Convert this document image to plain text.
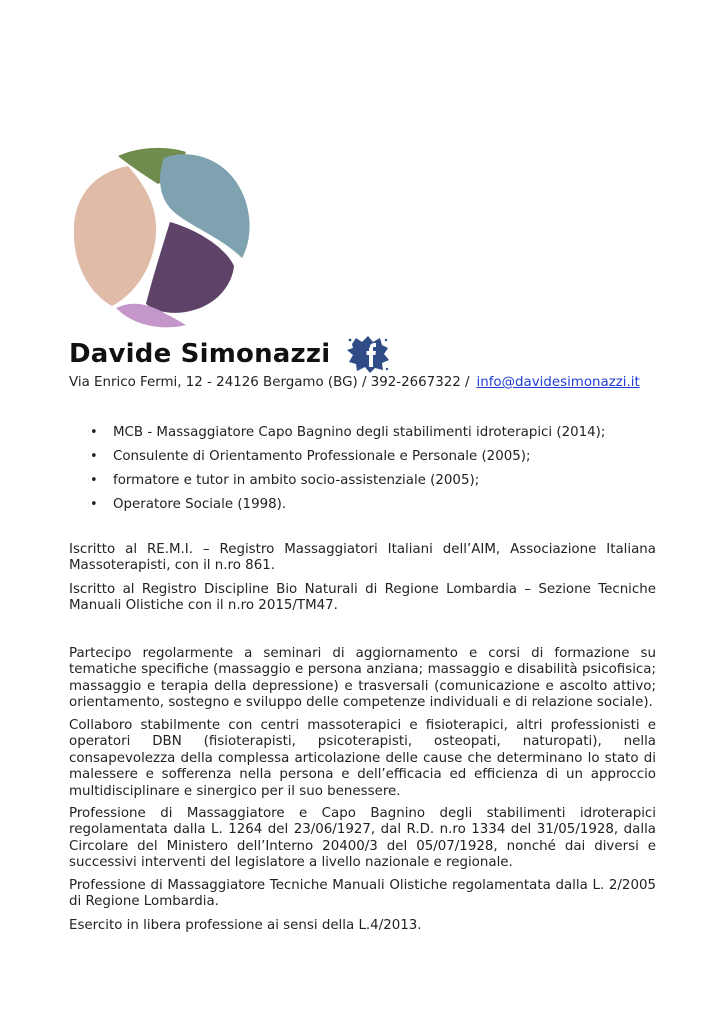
Davide Simonazzi
Via Enrico Fermi, 12 - 24126 Bergamo (BG) / 392-2667322 / info@davidesimonazzi.it
• MCB - Massaggiatore Capo Bagnino degli stabilimenti idroterapici (2014);
• Consulente di Orientamento Professionale e Personale (2005);
• formatore e tutor in ambito socio-assistenziale (2005);
• Operatore Sociale (1998).

Iscritto al RE.M.I. – Registro Massaggiatori Italiani dell’AIM, Associazione Italiana Massoterapisti, con il n.ro 861.

Iscritto al Registro Discipline Bio Naturali di Regione Lombardia – Sezione Tecniche Manuali Olistiche con il n.ro 2015/TM47.

Partecipo regolarmente a seminari di aggiornamento e corsi di formazione su tematiche specifiche (massaggio e persona anziana; massaggio e disabilità psicofisica; massaggio e terapia della depressione) e trasversali (comunicazione e ascolto attivo; orientamento, sostegno e sviluppo delle competenze individuali e di relazione sociale).

Collaboro stabilmente con centri massoterapici e fisioterapici, altri professionisti e operatori DBN (fisioterapisti, psicoterapisti, osteopati, naturopati), nella consapevolezza della complessa articolazione delle cause che determinano lo stato di malessere e sofferenza nella persona e dell’efficacia ed efficienza di un approccio multidisciplinare e sinergico per il suo benessere.

Professione di Massaggiatore e Capo Bagnino degli stabilimenti idroterapici regolamentata dalla L. 1264 del 23/06/1927, dal R.D. n.ro 1334 del 31/05/1928, dalla Circolare del Ministero dell’Interno 20400/3 del 05/07/1928, nonché dai diversi e successivi interventi del legislatore a livello nazionale e regionale.

Professione di Massaggiatore Tecniche Manuali Olistiche regolamentata dalla L. 2/2005 di Regione Lombardia.

Esercito in libera professione ai sensi della L.4/2013.
